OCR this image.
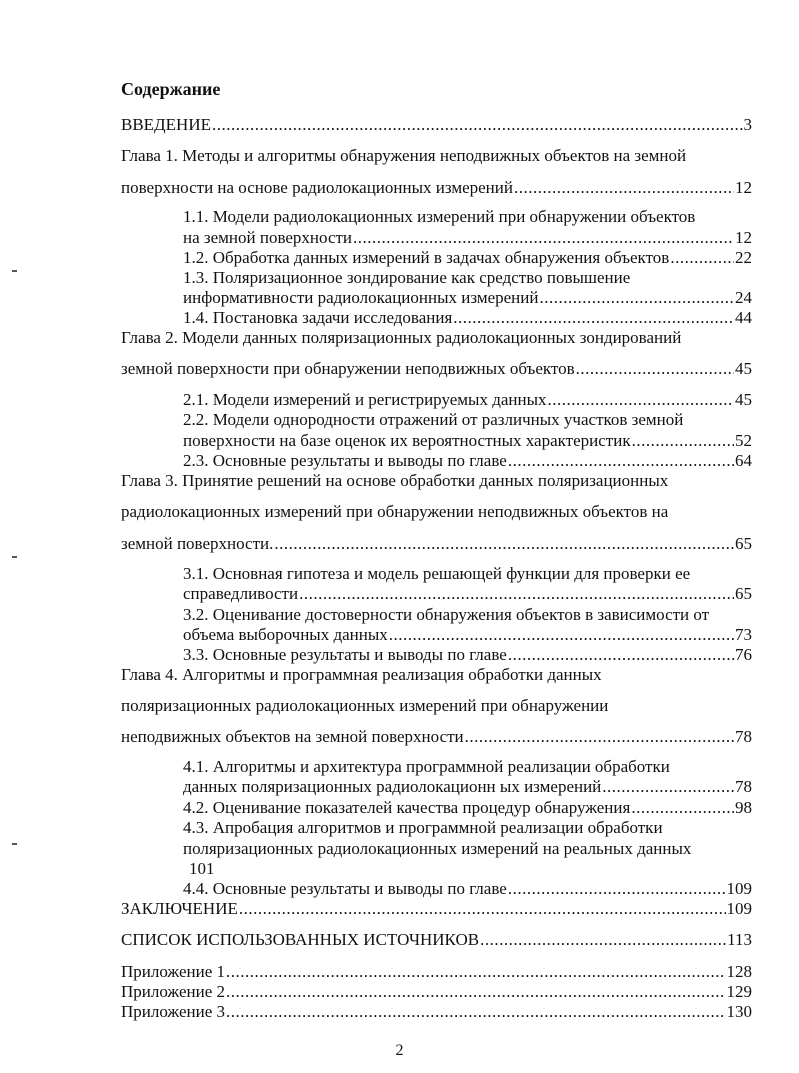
Содержание
ВВЕДЕНИЕ .....	3
Глава 1. Методы и алгоритмы обнаружения неподвижных объектов на земной
поверхности на основе радиолокационных измерений .....	12
1.1. Модели радиолокационных измерений при обнаружении объектов
на земной поверхности .....	12
1.2. Обработка данных измерений в задачах обнаружения объектов .....	22
1.3. Поляризационное зондирование как средство повышение
информативности радиолокационных измерений .....	24
1.4. Постановка задачи исследования .....	44
Глава 2. Модели данных поляризационных радиолокационных зондирований
земной поверхности при обнаружении неподвижных объектов .....	45
2.1. Модели измерений и регистрируемых данных .....	45
2.2. Модели однородности отражений от различных участков земной
поверхности на базе оценок их вероятностных характеристик .....	52
2.3. Основные результаты и выводы по главе .....	64
Глава 3. Принятие решений на основе обработки данных поляризационных
радиолокационных измерений при обнаружении неподвижных объектов на
земной поверхности. .....	65
3.1. Основная гипотеза и модель решающей функции для проверки ее
справедливости .....	65
3.2. Оценивание достоверности обнаружения объектов в зависимости от
объема выборочных данных .....	73
3.3. Основные результаты и выводы по главе .....	76
Глава 4. Алгоритмы и программная реализация обработки данных
поляризационных радиолокационных измерений при обнаружении
неподвижных объектов на земной поверхности .....	78
4.1. Алгоритмы и архитектура программной реализации обработки
данных поляризационных радиолокационн ых измерений .....	78
4.2. Оценивание показателей качества процедур обнаружения .....	98
4.3. Апробация алгоритмов и программной реализации обработки
поляризационных радиолокационных измерений на реальных данных
101
4.4. Основные результаты и выводы по главе .....	109
ЗАКЛЮЧЕНИЕ .....	109
СПИСОК ИСПОЛЬЗОВАННЫХ ИСТОЧНИКОВ .....	113
Приложение 1 .....	128
Приложение 2 .....	129
Приложение 3 .....	130
2
